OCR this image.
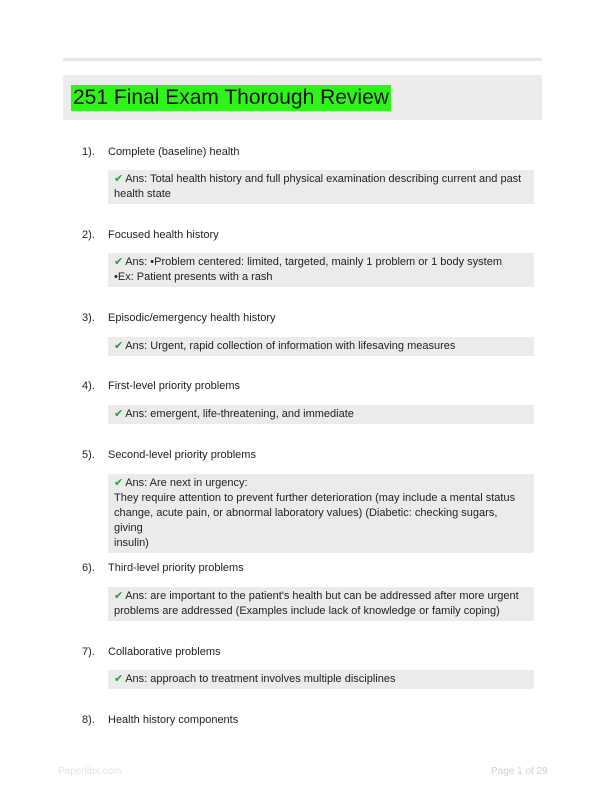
251 Final Exam Thorough Review
1). Complete (baseline) health
✔ Ans: Total health history and full physical examination describing current and past
health state
2). Focused health history
✔ Ans: •Problem centered: limited, targeted, mainly 1 problem or 1 body system
•Ex: Patient presents with a rash
3). Episodic/emergency health history
✔ Ans: Urgent, rapid collection of information with lifesaving measures
4). First-level priority problems
✔ Ans: emergent, life-threatening, and immediate
5). Second-level priority problems
✔ Ans: Are next in urgency:
They require attention to prevent further deterioration (may include a mental status
change, acute pain, or abnormal laboratory values) (Diabetic: checking sugars, giving
insulin)
6). Third-level priority problems
✔ Ans: are important to the patient's health but can be addressed after more urgent
problems are addressed (Examples include lack of knowledge or family coping)
7). Collaborative problems
✔ Ans: approach to treatment involves multiple disciplines
8). Health history components
Paperlibx.com	Page 1 of 29
